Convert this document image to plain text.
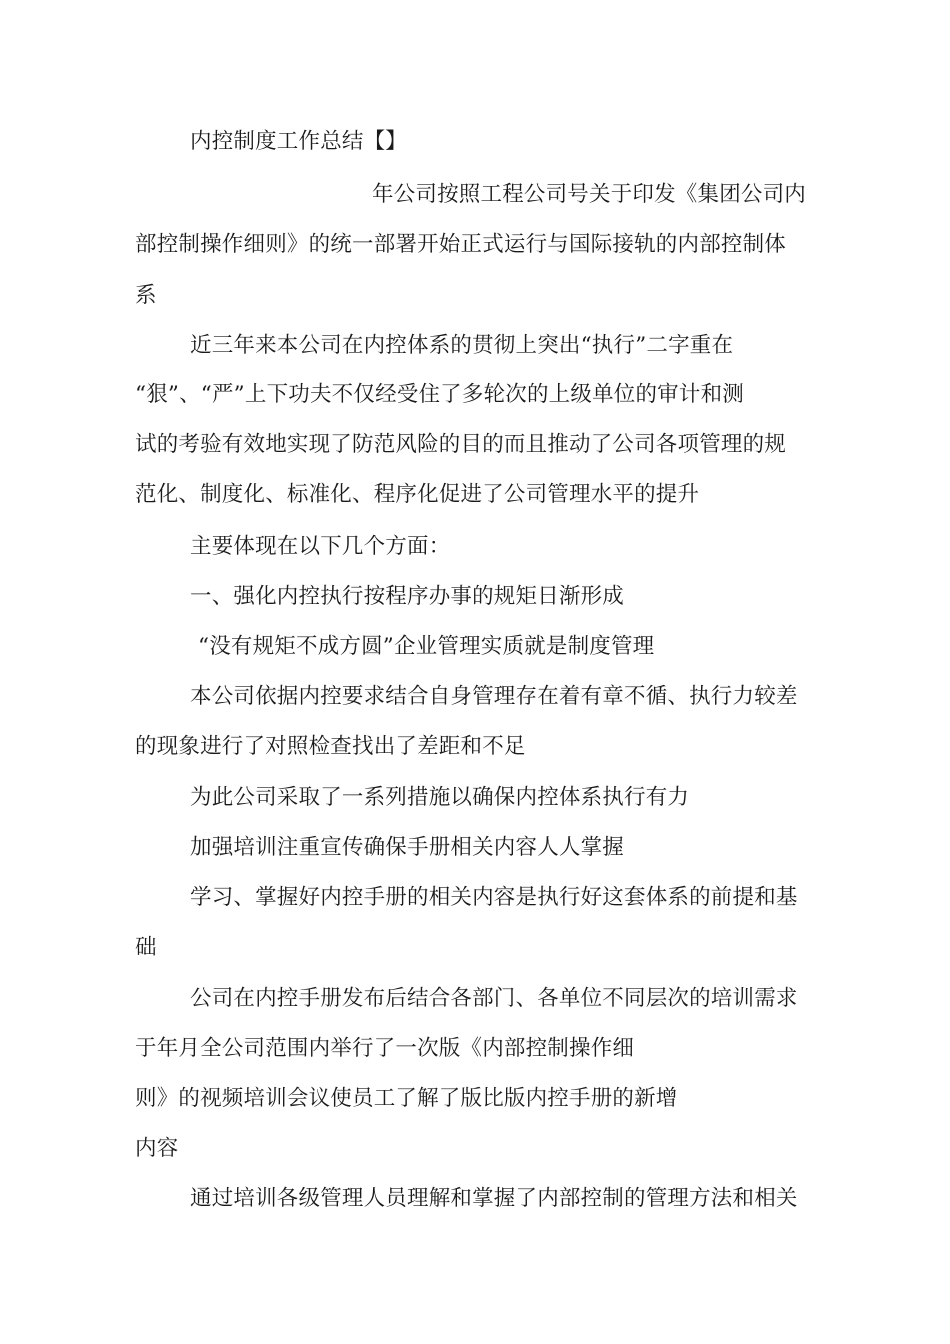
内控制度工作总结【】
年公司按照工程公司号关于印发《集团公司内
部控制操作细则》的统一部署开始正式运行与国际接轨的内部控制体
系
近三年来本公司在内控体系的贯彻上突出“执行”二字重在
“狠”、“严”上下功夫不仅经受住了多轮次的上级单位的审计和测
试的考验有效地实现了防范风险的目的而且推动了公司各项管理的规
范化、制度化、标准化、程序化促进了公司管理水平的提升
主要体现在以下几个方面：
一、强化内控执行按程序办事的规矩日渐形成
“没有规矩不成方圆”企业管理实质就是制度管理
本公司依据内控要求结合自身管理存在着有章不循、执行力较差
的现象进行了对照检查找出了差距和不足
为此公司采取了一系列措施以确保内控体系执行有力
加强培训注重宣传确保手册相关内容人人掌握
学习、掌握好内控手册的相关内容是执行好这套体系的前提和基
础
公司在内控手册发布后结合各部门、各单位不同层次的培训需求
于年月全公司范围内举行了一次版《内部控制操作细
则》的视频培训会议使员工了解了版比版内控手册的新增
内容
通过培训各级管理人员理解和掌握了内部控制的管理方法和相关
